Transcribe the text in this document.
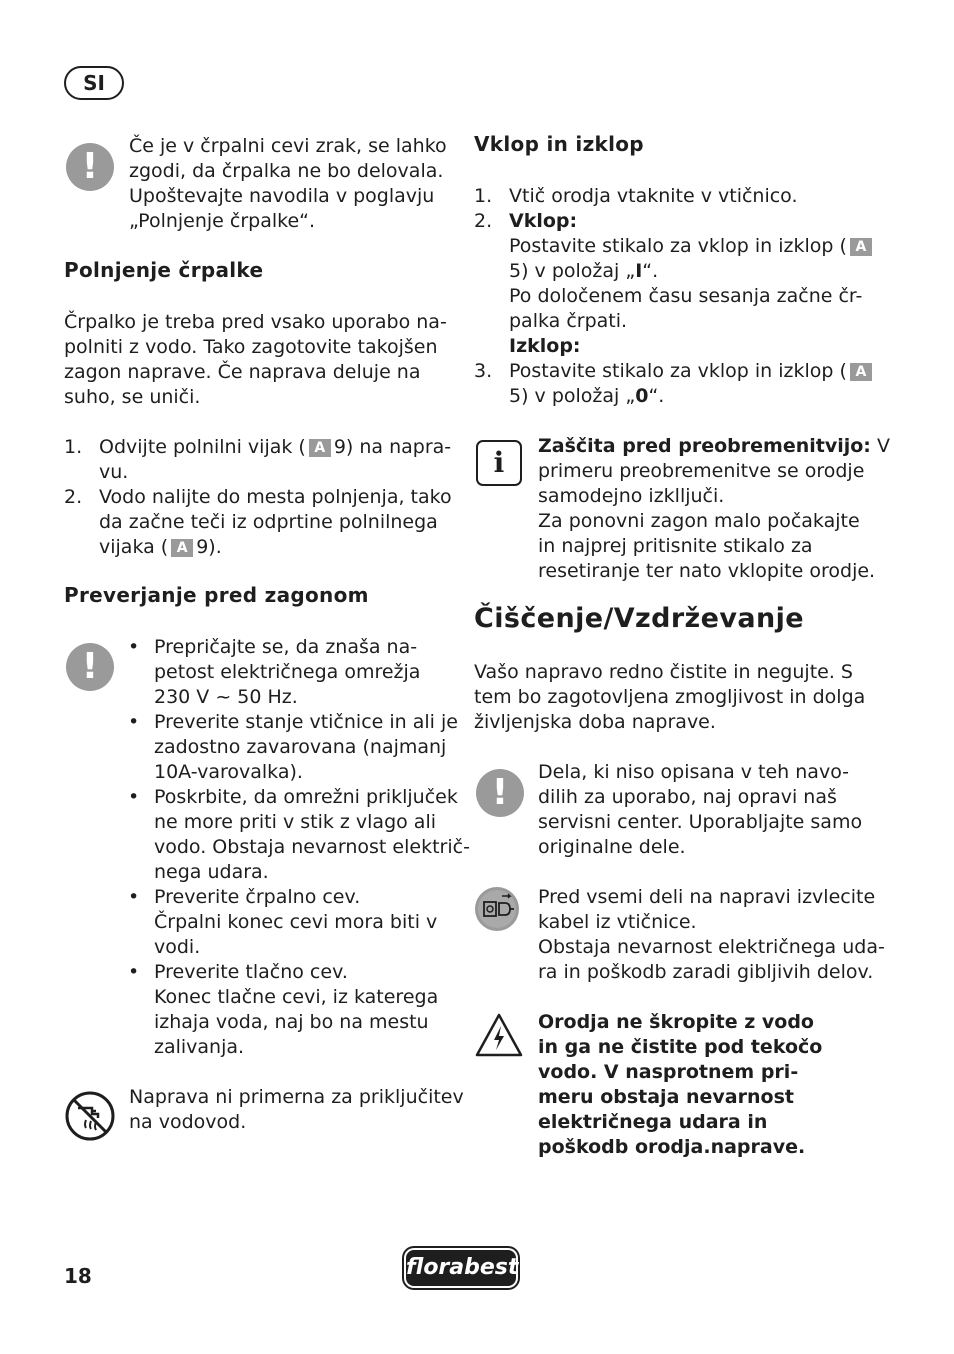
SI
!	Če je v črpalni cevi zrak, se lahko
zgodi, da črpalka ne bo delovala.
Upoštevajte navodila v poglavju
„Polnjenje črpalke“.
Polnjenje črpalke
Črpalko je treba pred vsako uporabo na-
polniti z vodo. Tako zagotovite takojšen
zagon naprave. Če naprava deluje na
suho, se uniči.
1. Odvijte polnilni vijak ( A 9) na napra-
vu.
2. Vodo nalijte do mesta polnjenja, tako
da začne teči iz odprtine polnilnega
vijaka ( A 9).
Preverjanje pred zagonom
!	• Prepričajte se, da znaša na-
petost električnega omrežja
230 V ~ 50 Hz.
• Preverite stanje vtičnice in ali je
zadostno zavarovana (najmanj
10A-varovalka).
• Poskrbite, da omrežni priključek
ne more priti v stik z vlago ali
vodo. Obstaja nevarnost električ-
nega udara.
• Preverite črpalno cev.
Črpalni konec cevi mora biti v
vodi.
• Preverite tlačno cev.
Konec tlačne cevi, iz katerega
izhaja voda, naj bo na mestu
zalivanja.
Naprava ni primerna za priključitev
na vodovod.
Vklop in izklop
1. Vtič orodja vtaknite v vtičnico.
2. Vklop:
Postavite stikalo za vklop in izklop ( A
5) v položaj „I“.
Po določenem času sesanja začne čr-
palka črpati.
Izklop:
3. Postavite stikalo za vklop in izklop ( A
5) v položaj „0“.
i	Zaščita pred preobremenitvijo: V
primeru preobremenitve se orodje
samodejno izklljuči.
Za ponovni zagon malo počakajte
in najprej pritisnite stikalo za
resetiranje ter nato vklopite orodje.
Čiščenje/Vzdrževanje
Vašo napravo redno čistite in negujte. S
tem bo zagotovljena zmogljivost in dolga
življenjska doba naprave.
!	Dela, ki niso opisana v teh navo-
dilih za uporabo, naj opravi naš
servisni center. Uporabljajte samo
originalne dele.
Pred vsemi deli na napravi izvlecite
kabel iz vtičnice.
Obstaja nevarnost električnega uda-
ra in poškodb zaradi gibljivih delov.
Orodja ne škropite z vodo
in ga ne čistite pod tekočo
vodo. V nasprotnem pri-
meru obstaja nevarnost
električnega udara in
poškodb orodja.naprave.
18	florabest
